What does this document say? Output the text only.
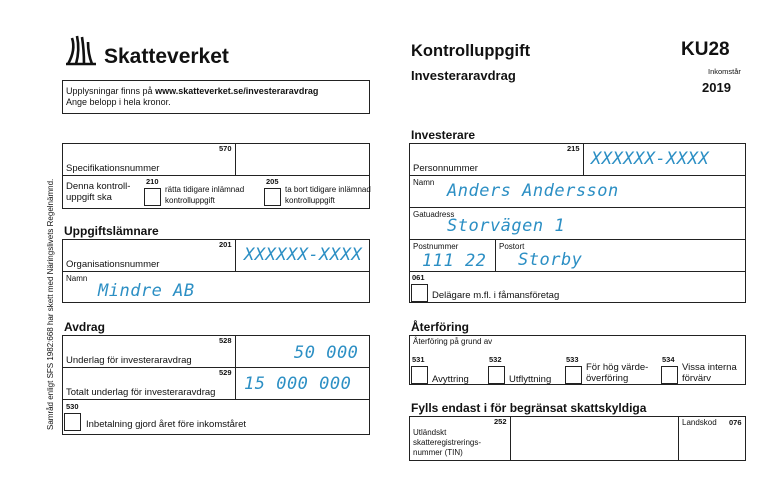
Skatteverket	Kontrolluppgift
Investeraravdrag
KU28
Inkomstår
2019
Upplysningar finns på www.skatteverket.se/investeraravdrag
Ange belopp i hela kronor.
Samråd enligt SFS 1982:668 har skett med Näringslivets Regelnämnd.
570
Specifikationsnummer
Denna kontroll-
uppgift ska
210
rätta tidigare inlämnad
kontrolluppgift
205
ta bort tidigare inlämnad
kontrolluppgift
Uppgiftslämnare
201
Organisationsnummer	XXXXXX-XXXX
Namn
Mindre AB
Avdrag
528
Underlag för investeraravdrag	50 000
529
Totalt underlag för investeraravdrag 15 000 000
530
Inbetalning gjord året före inkomståret
Investerare
215
Personnummer	XXXXXX-XXXX
Namn Anders Andersson
Gatuadress
Storvägen 1
Postnummer
111 22
Postort
Storby
061
Delägare m.fl. i fåmansföretag
Återföring
Återföring på grund av
531
Avyttring
532
Utflyttning
533
För hög värde-
överföring
534
Vissa interna
förvärv
Fylls endast i för begränsat skattskyldiga
252
Utländskt
skatteregistrerings-
nummer (TIN)
Landskod 076
